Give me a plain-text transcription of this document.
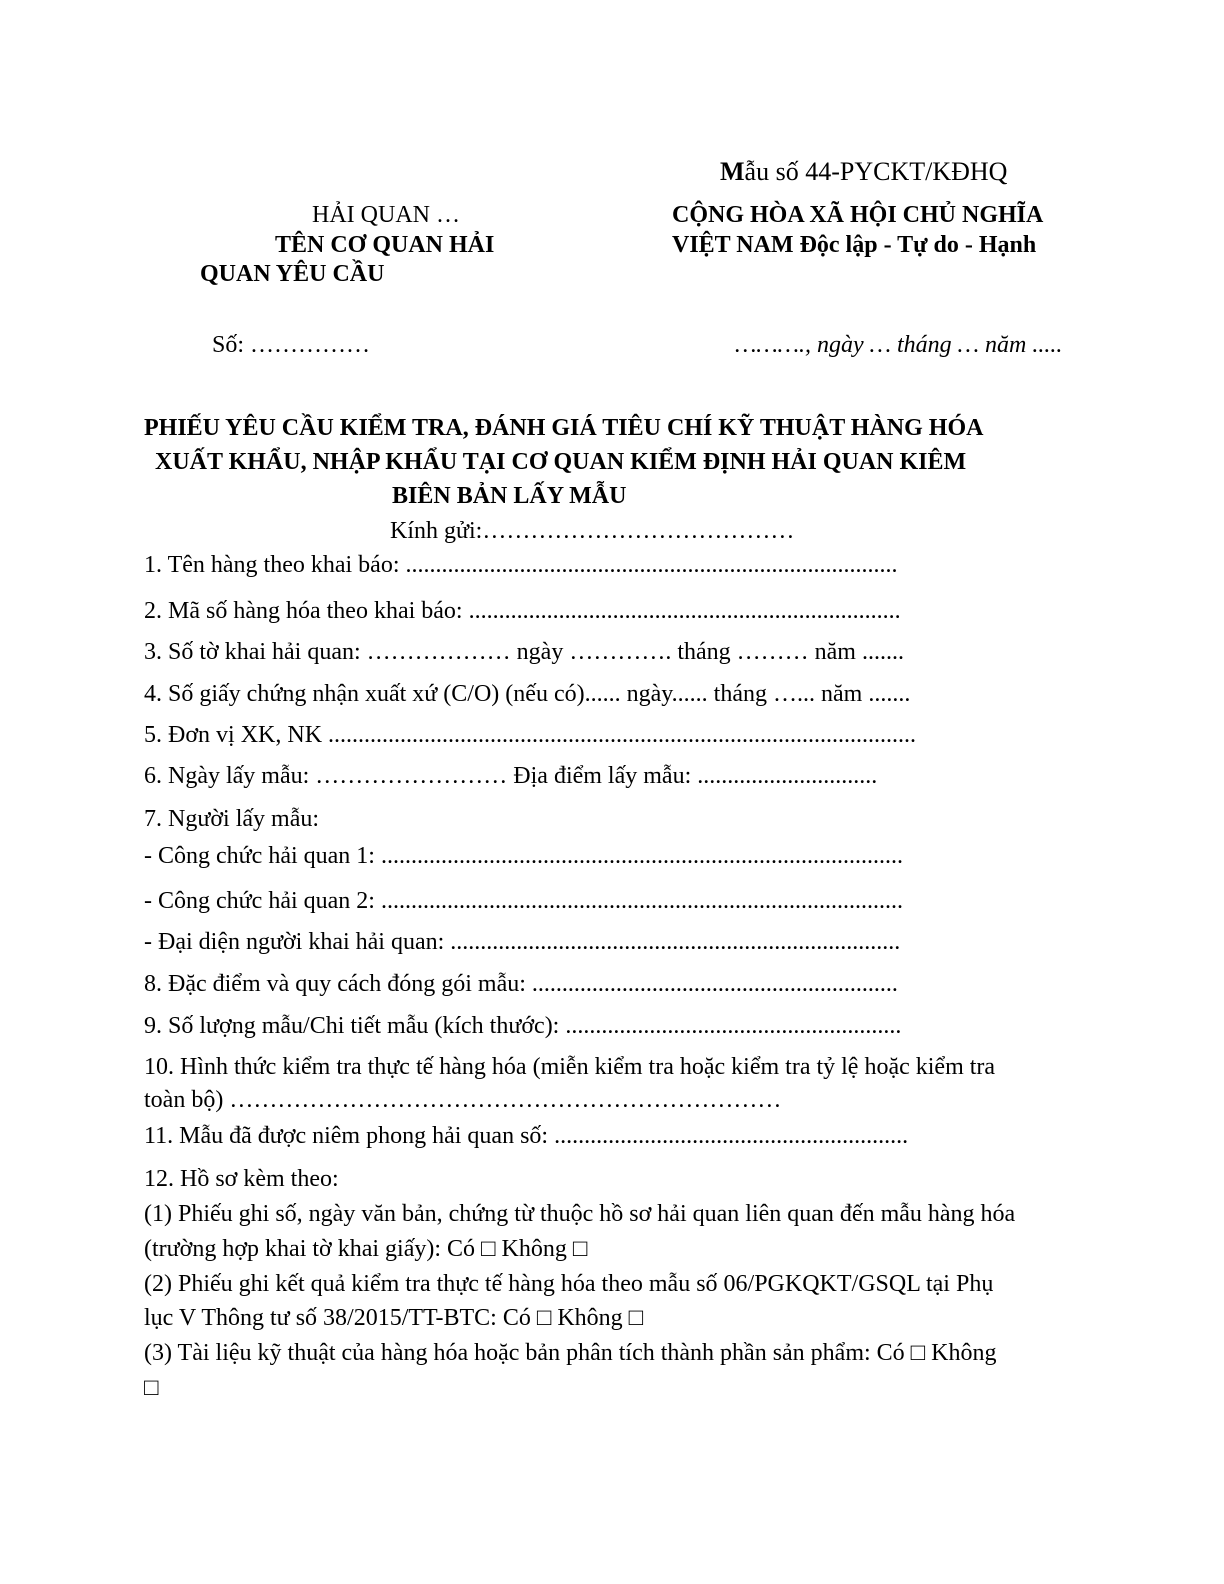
Mẫu số 44-PYCKT/KĐHQ
HẢI QUAN …
TÊN CƠ QUAN HẢI
QUAN YÊU CẦU
CỘNG HÒA XÃ HỘI CHỦ NGHĨA
VIỆT NAM Độc lập - Tự do - Hạnh
Số: ……………	………., ngày … tháng … năm .....
PHIẾU YÊU CẦU KIỂM TRA, ĐÁNH GIÁ TIÊU CHÍ KỸ THUẬT HÀNG HÓA
XUẤT KHẨU, NHẬP KHẨU TẠI CƠ QUAN KIỂM ĐỊNH HẢI QUAN KIÊM
BIÊN BẢN LẤY MẪU
Kính gửi:…………………………………
1. Tên hàng theo khai báo: ..................................................................................
2. Mã số hàng hóa theo khai báo: ........................................................................
3. Số tờ khai hải quan: ……………… ngày …………. tháng ……… năm .......
4. Số giấy chứng nhận xuất xứ (C/O) (nếu có)...... ngày...... tháng …... năm .......
5. Đơn vị XK, NK ..................................................................................................
6. Ngày lấy mẫu: …………………… Địa điểm lấy mẫu: ..............................
7. Người lấy mẫu:
- Công chức hải quan 1: .......................................................................................
- Công chức hải quan 2: .......................................................................................
- Đại diện người khai hải quan: ...........................................................................
8. Đặc điểm và quy cách đóng gói mẫu: .............................................................
9. Số lượng mẫu/Chi tiết mẫu (kích thước): ........................................................
10. Hình thức kiểm tra thực tế hàng hóa (miễn kiểm tra hoặc kiểm tra tỷ lệ hoặc kiểm tra
toàn bộ) ……………………………………………………………
11. Mẫu đã được niêm phong hải quan số: ...........................................................
12. Hồ sơ kèm theo:
(1) Phiếu ghi số, ngày văn bản, chứng từ thuộc hồ sơ hải quan liên quan đến mẫu hàng hóa
(trường hợp khai tờ khai giấy): Có □ Không □
(2) Phiếu ghi kết quả kiểm tra thực tế hàng hóa theo mẫu số 06/PGKQKT/GSQL tại Phụ
lục V Thông tư số 38/2015/TT-BTC: Có □ Không □
(3) Tài liệu kỹ thuật của hàng hóa hoặc bản phân tích thành phần sản phẩm: Có □ Không
□
